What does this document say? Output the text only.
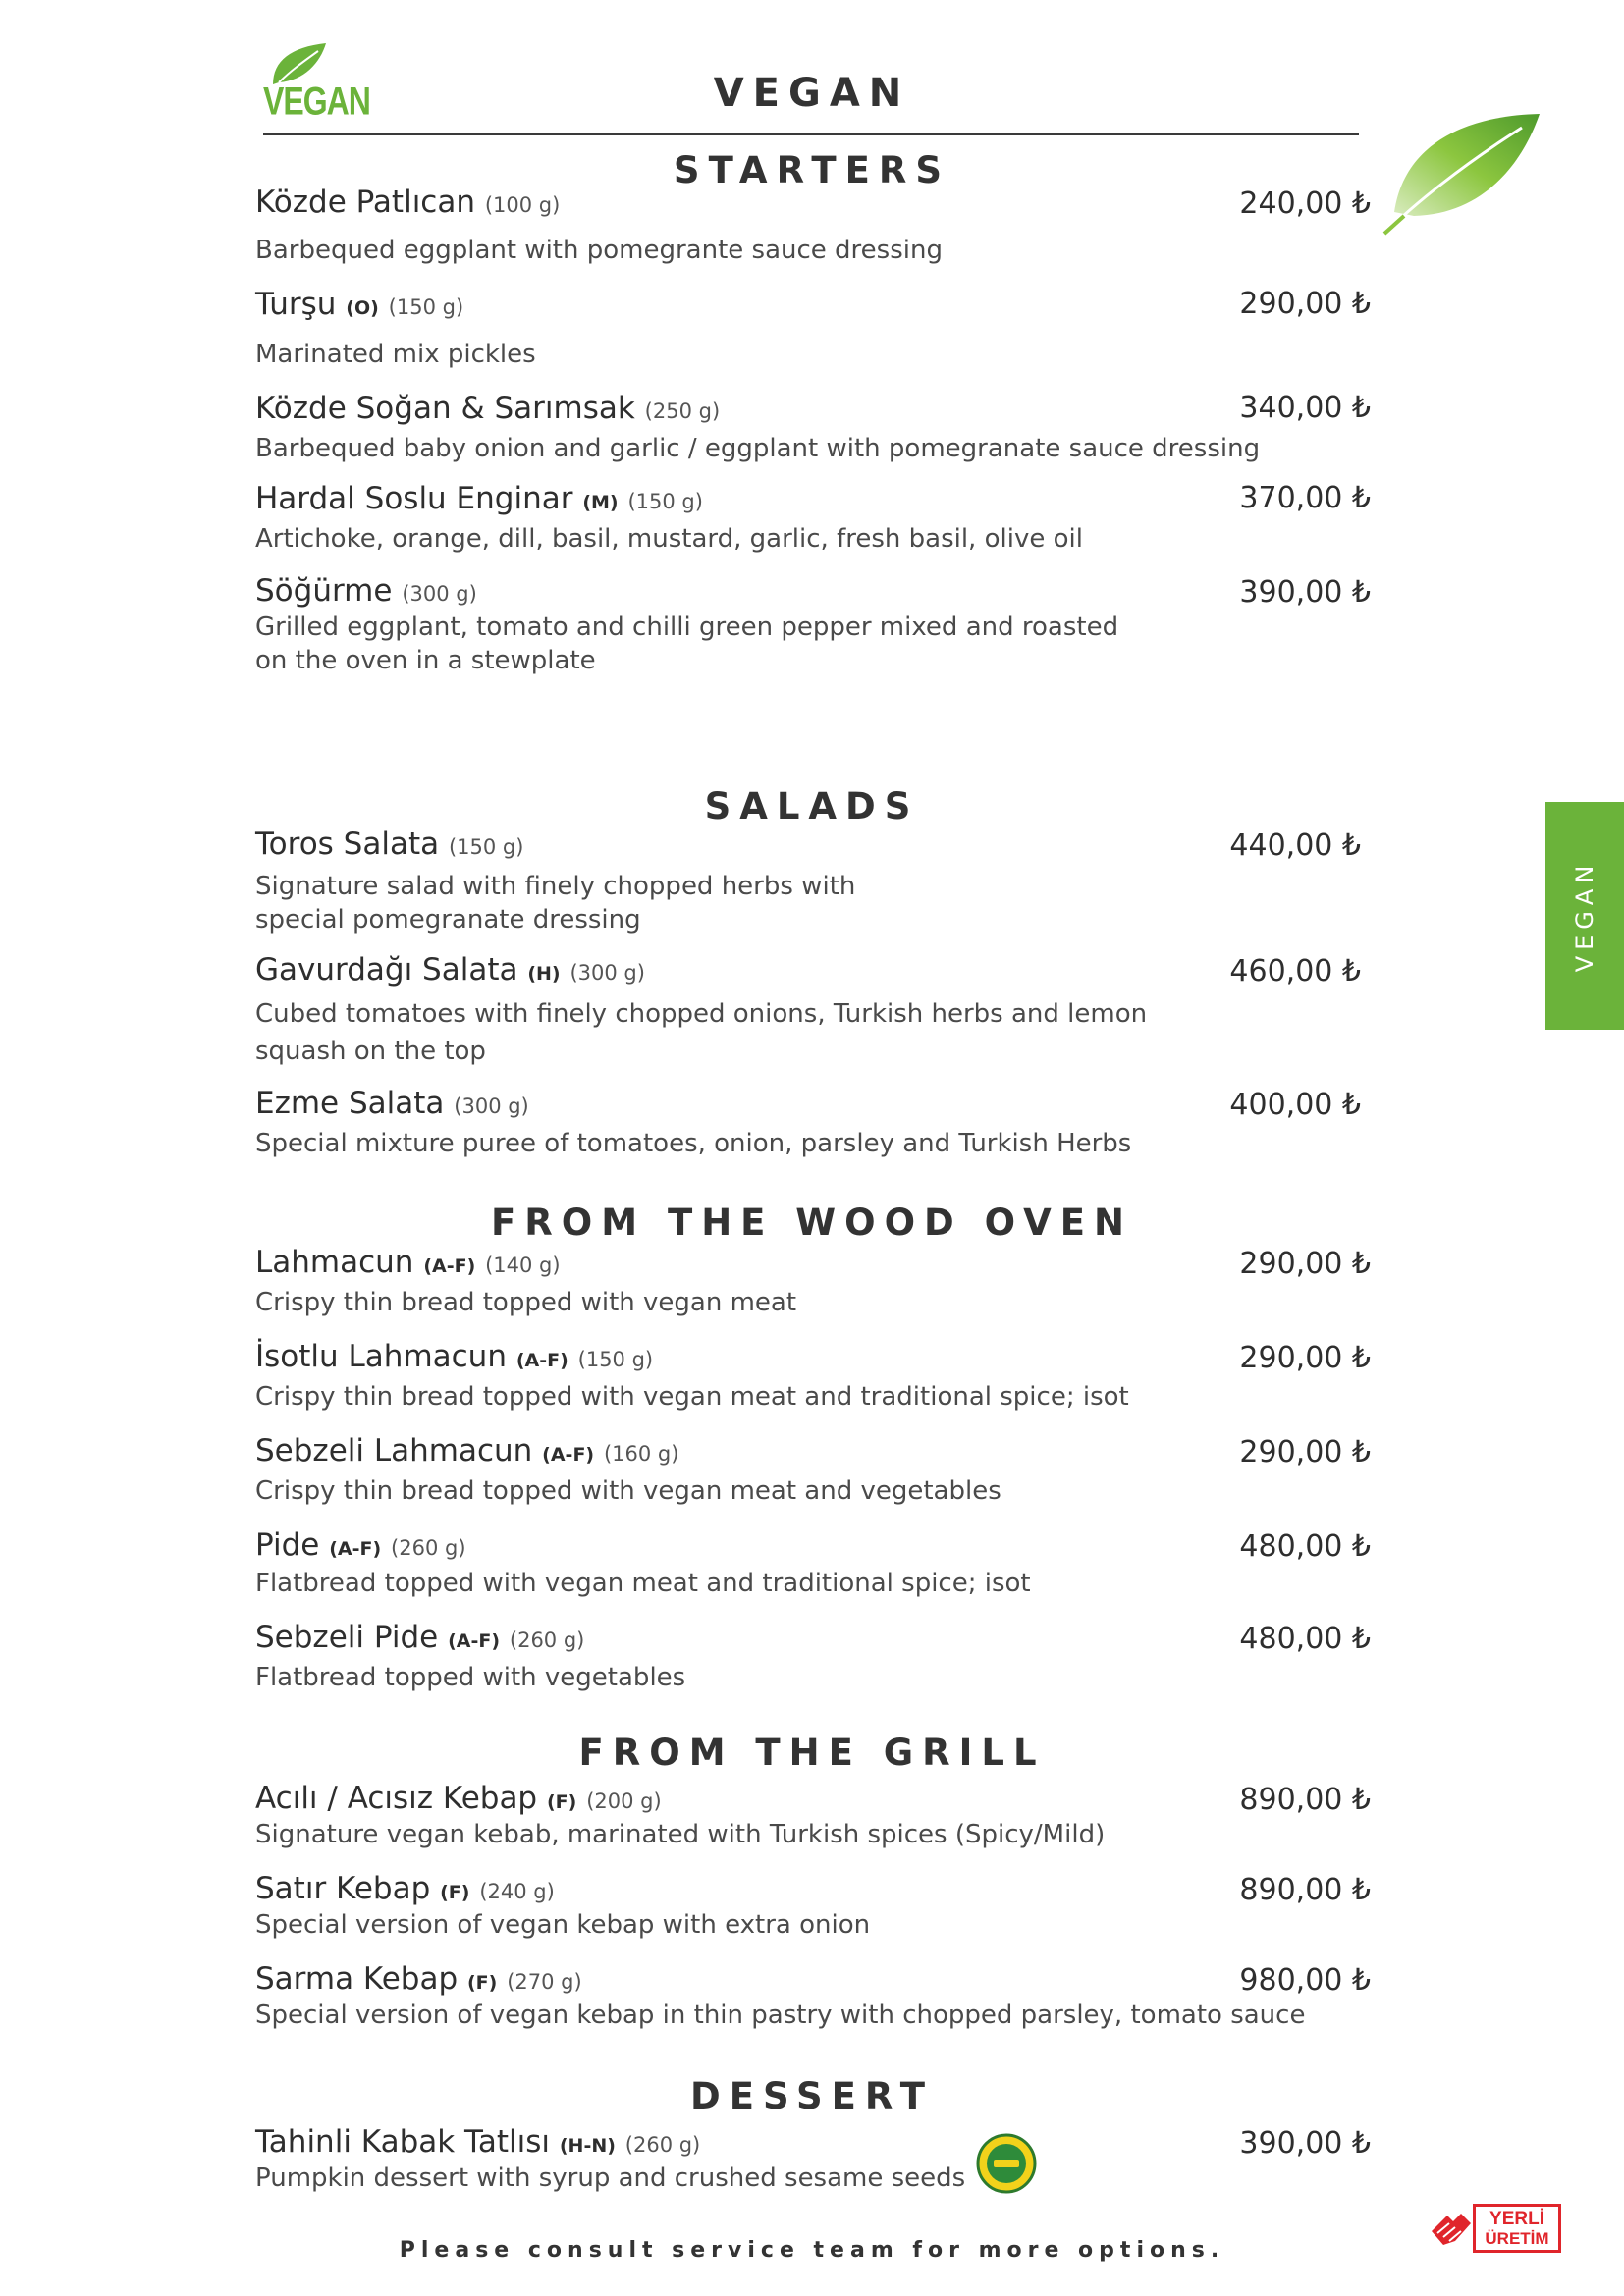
VEGAN	VEGAN
STARTERS
Közde Patlıcan (100 g)	240,00 ₺
Barbequed eggplant with pomegrante sauce dressing
Turşu (O) (150 g)	290,00 ₺
Marinated mix pickles
Közde Soğan & Sarımsak (250 g)	340,00 ₺
Barbequed baby onion and garlic / eggplant with pomegranate sauce dressing
Hardal Soslu Enginar (M) (150 g)	370,00 ₺
Artichoke, orange, dill, basil, mustard, garlic, fresh basil, olive oil
Söğürme (300 g)	390,00 ₺
Grilled eggplant, tomato and chilli green pepper mixed and roasted
on the oven in a stewplate
SALADS
Toros Salata (150 g)	440,00 ₺
Signature salad with finely chopped herbs with
special pomegranate dressing
Gavurdağı Salata (H) (300 g)	460,00 ₺
Cubed tomatoes with finely chopped onions, Turkish herbs and lemon
squash on the top
Ezme Salata (300 g)	400,00 ₺
Special mixture puree of tomatoes, onion, parsley and Turkish Herbs
FROM THE WOOD OVEN
Lahmacun (A-F) (140 g)	290,00 ₺
Crispy thin bread topped with vegan meat
İsotlu Lahmacun (A-F) (150 g)	290,00 ₺
Crispy thin bread topped with vegan meat and traditional spice; isot
Sebzeli Lahmacun (A-F) (160 g)	290,00 ₺
Crispy thin bread topped with vegan meat and vegetables
Pide (A-F) (260 g)	480,00 ₺
Flatbread topped with vegan meat and traditional spice; isot
Sebzeli Pide (A-F) (260 g)	480,00 ₺
Flatbread topped with vegetables
FROM THE GRILL
Acılı / Acısız Kebap (F) (200 g)	890,00 ₺
Signature vegan kebab, marinated with Turkish spices (Spicy/Mild)
Satır Kebap (F) (240 g)	890,00 ₺
Special version of vegan kebap with extra onion
Sarma Kebap (F) (270 g)	980,00 ₺
Special version of vegan kebap in thin pastry with chopped parsley, tomato sauce
DESSERT
Tahinli Kabak Tatlısı (H-N) (260 g)	390,00 ₺
Pumpkin dessert with syrup and crushed sesame seeds
VEGAN
YERLİ
ÜRETİM
Please consult service team for more options.
